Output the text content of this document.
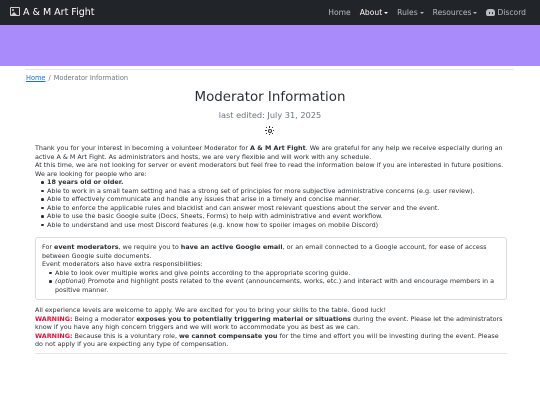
A & M Art Fight	Home About Rules Resources	Discord
Home / Moderator Information
Moderator Information
last edited: July 31, 2025

Thank you for your interest in becoming a volunteer Moderator for A & M Art Fight. We are grateful for any help we receive especially during an active A & M Art Fight. As administrators and hosts, we are very flexible and will work with any schedule.

At this time, we are not looking for server or event moderators but feel free to read the information below if you are interested in future positions.

We are looking for people who are:

18 years old or older.
Able to work in a small team setting and has a strong set of principles for more subjective administrative concerns (e.g. user review).
Able to effectively communicate and handle any issues that arise in a timely and concise manner.
Able to enforce the applicable rules and blacklist and can answer most relevant questions about the server and the event.
Able to use the basic Google suite (Docs, Sheets, Forms) to help with administrative and event workflow.
Able to understand and use most Discord features (e.g. know how to spoiler images on mobile Discord)

For event moderators, we require you to have an active Google email, or an email connected to a Google account, for ease of access between Google suite documents.

Event moderators also have extra responsibilities:

Able to look over multiple works and give points according to the appropriate scoring guide.
(optional) Promote and highlight posts related to the event (announcements, works, etc.) and interact with and encourage members in a positive manner.

All experience levels are welcome to apply. We are excited for you to bring your skills to the table. Good luck!

WARNING: Being a moderator exposes you to potentially triggering material or situations during the event. Please let the administrators know if you have any high concern triggers and we will work to accommodate you as best as we can.

WARNING: Because this is a voluntary role, we cannot compensate you for the time and effort you will be investing during the event. Please do not apply if you are expecting any type of compensation.
